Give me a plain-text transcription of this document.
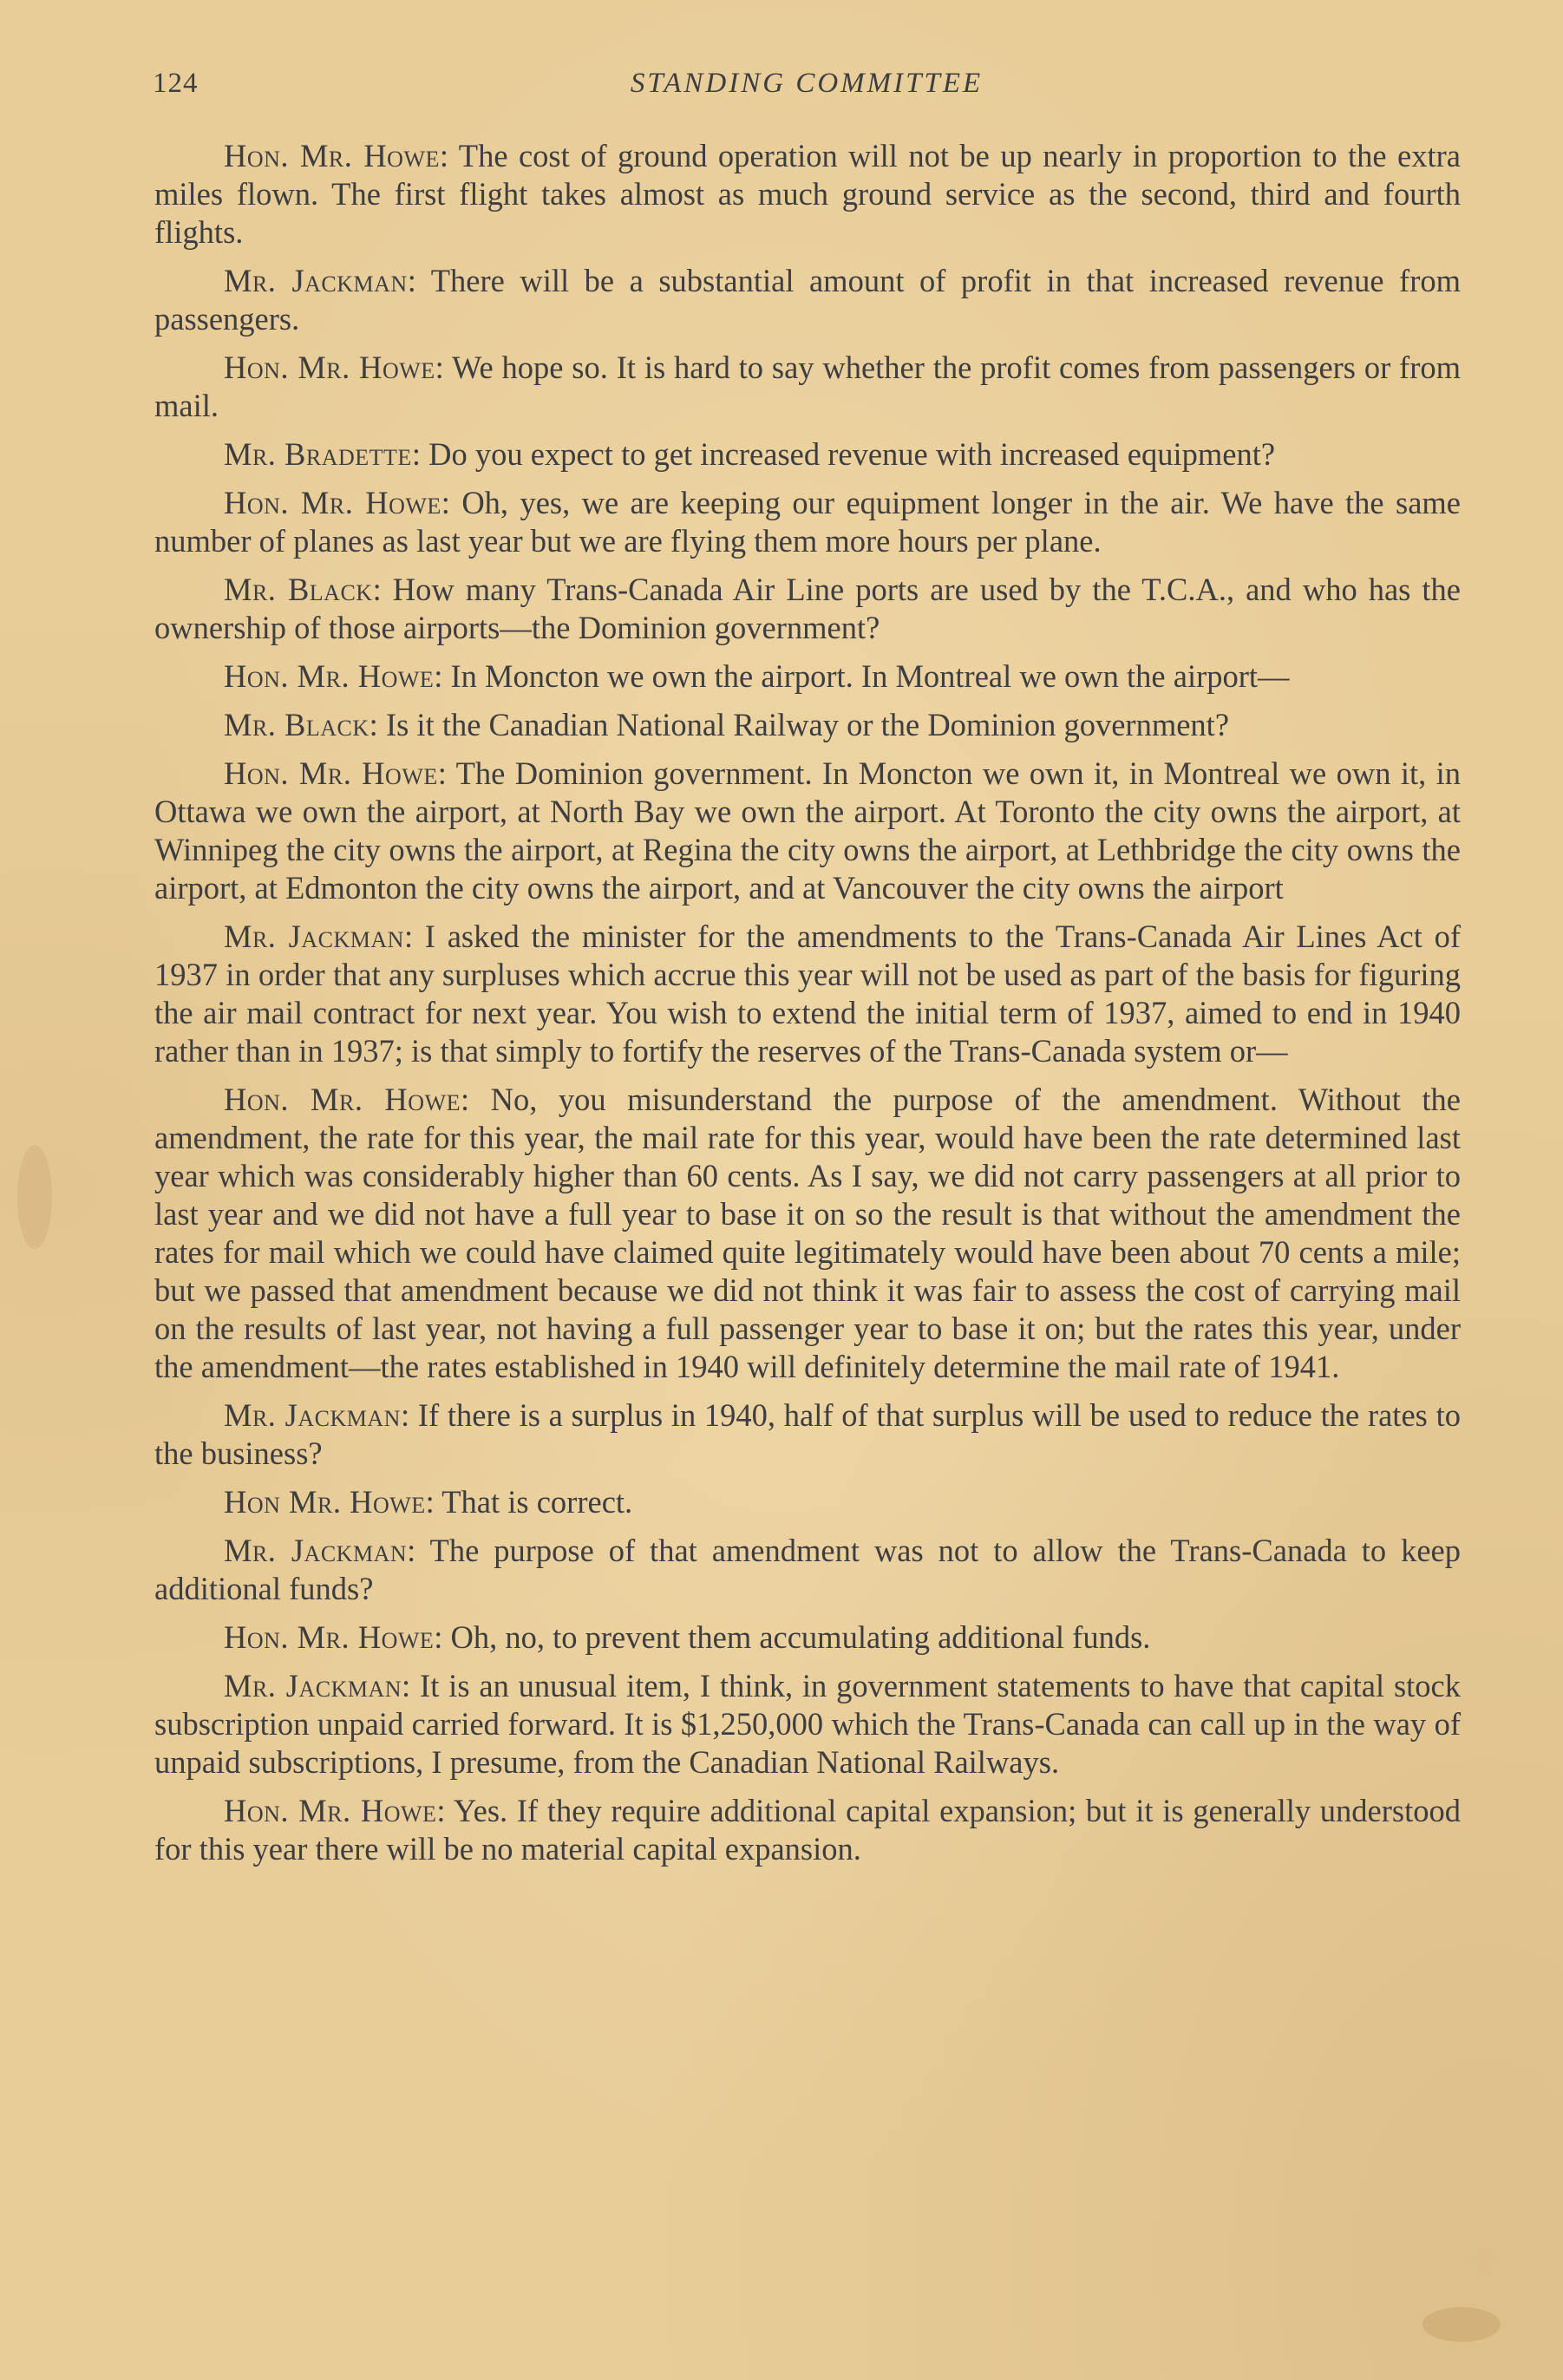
124	STANDING COMMITTEE

Hon. Mr. Howe: The cost of ground operation will not be up nearly in proportion to the extra miles flown. The first flight takes almost as much ground service as the second, third and fourth flights.

Mr. Jackman: There will be a substantial amount of profit in that increased revenue from passengers.

Hon. Mr. Howe: We hope so. It is hard to say whether the profit comes from passengers or from mail.

Mr. Bradette: Do you expect to get increased revenue with increased equipment?

Hon. Mr. Howe: Oh, yes, we are keeping our equipment longer in the air. We have the same number of planes as last year but we are flying them more hours per plane.

Mr. Black: How many Trans-Canada Air Line ports are used by the T.C.A., and who has the ownership of those airports—the Dominion government?

Hon. Mr. Howe: In Moncton we own the airport. In Montreal we own the airport—

Mr. Black: Is it the Canadian National Railway or the Dominion government?

Hon. Mr. Howe: The Dominion government. In Moncton we own it, in Montreal we own it, in Ottawa we own the airport, at North Bay we own the airport. At Toronto the city owns the airport, at Winnipeg the city owns the airport, at Regina the city owns the airport, at Lethbridge the city owns the airport, at Edmonton the city owns the airport, and at Vancouver the city owns the airport

Mr. Jackman: I asked the minister for the amendments to the Trans-Canada Air Lines Act of 1937 in order that any surpluses which accrue this year will not be used as part of the basis for figuring the air mail contract for next year. You wish to extend the initial term of 1937, aimed to end in 1940 rather than in 1937; is that simply to fortify the reserves of the Trans-Canada system or—

Hon. Mr. Howe: No, you misunderstand the purpose of the amendment. Without the amendment, the rate for this year, the mail rate for this year, would have been the rate determined last year which was considerably higher than 60 cents. As I say, we did not carry passengers at all prior to last year and we did not have a full year to base it on so the result is that without the amendment the rates for mail which we could have claimed quite legitimately would have been about 70 cents a mile; but we passed that amendment because we did not think it was fair to assess the cost of carrying mail on the results of last year, not having a full passenger year to base it on; but the rates this year, under the amendment—the rates established in 1940 will definitely determine the mail rate of 1941.

Mr. Jackman: If there is a surplus in 1940, half of that surplus will be used to reduce the rates to the business?

Hon Mr. Howe: That is correct.

Mr. Jackman: The purpose of that amendment was not to allow the Trans-Canada to keep additional funds?

Hon. Mr. Howe: Oh, no, to prevent them accumulating additional funds.

Mr. Jackman: It is an unusual item, I think, in government statements to have that capital stock subscription unpaid carried forward. It is $1,250,000 which the Trans-Canada can call up in the way of unpaid subscriptions, I presume, from the Canadian National Railways.

Hon. Mr. Howe: Yes. If they require additional capital expansion; but it is generally understood for this year there will be no material capital expansion.
